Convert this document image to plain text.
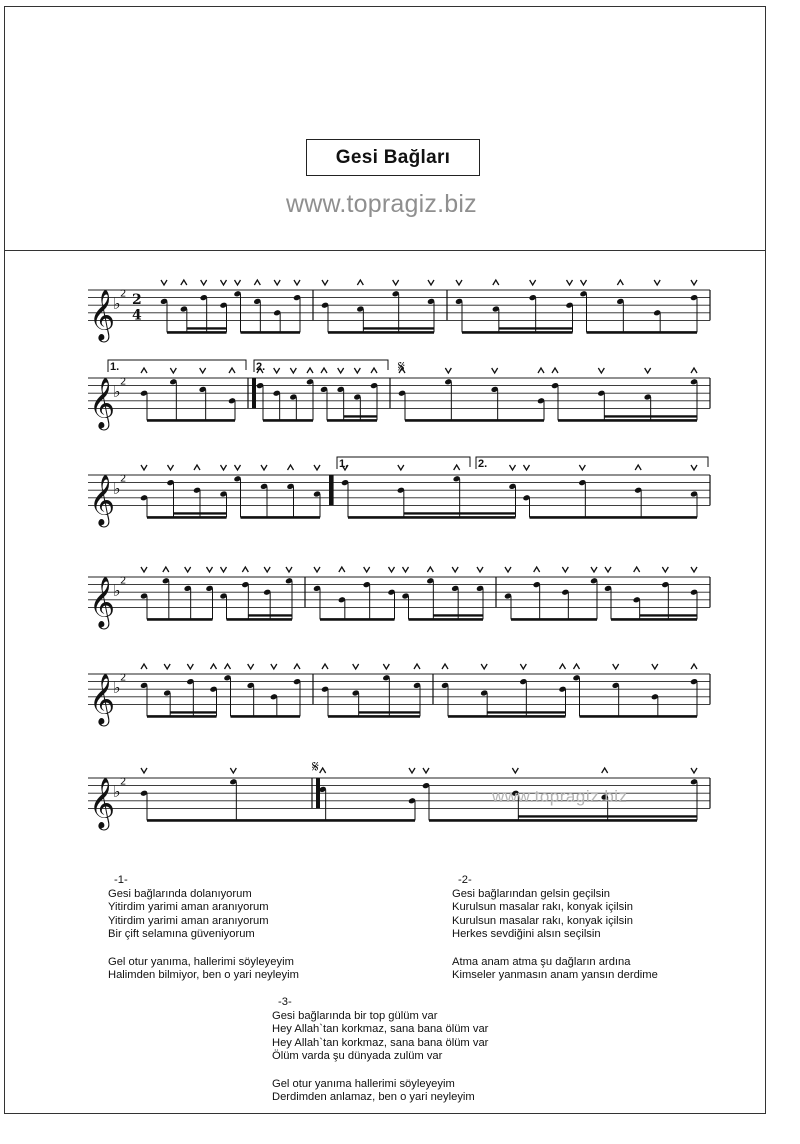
Gesi Bağları
www.topragiz.biz
𝄞
♭
2 2
4
𝄞
♭
2
1.	2.	𝄋
𝄞
♭
2
1.	2.
𝄞
♭
2
𝄞
♭
2
𝄞
♭
2
𝄋
www.topragiz.biz
-1-
Gesi bağlarında dolanıyorum
Yitirdim yarimi aman aranıyorum
Yitirdim yarimi aman aranıyorum
Bir çift selamına güveniyorum
Gel otur yanıma, hallerimi söyleyeyim
Halimden bilmiyor, ben o yari neyleyim
-2-
Gesi bağlarından gelsin geçilsin
Kurulsun masalar rakı, konyak içilsin
Kurulsun masalar rakı, konyak içilsin
Herkes sevdiğini alsın seçilsin
Atma anam atma şu dağların ardına
Kimseler yanmasın anam yansın derdime
-3-
Gesi bağlarında bir top gülüm var
Hey Allah`tan korkmaz, sana bana ölüm var
Hey Allah`tan korkmaz, sana bana ölüm var
Ölüm varda şu dünyada zulüm var
Gel otur yanıma hallerimi söyleyeyim
Derdimden anlamaz, ben o yari neyleyim
